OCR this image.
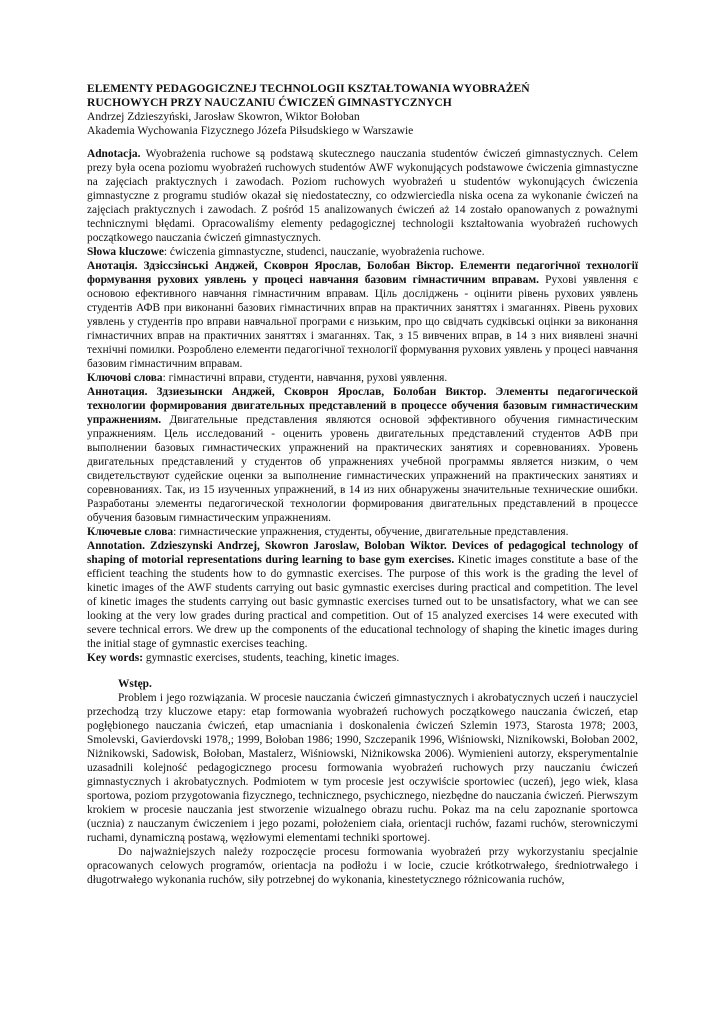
ELEMENTY PEDAGOGICZNEJ TECHNOLOGII KSZTAŁTOWANIA WYOBRAŻEŃ

RUCHOWYCH PRZY NAUCZANIU ĆWICZEŃ GIMNASTYCZNYCH

Andrzej Zdzieszyński, Jarosław Skowron, Wiktor Bołoban

Akademia Wychowania Fizycznego Józefa Piłsudskiego w Warszawie

Adnotacja. Wyobrażenia ruchowe są podstawą skutecznego nauczania studentów ćwiczeń gimnastycznych. Celem prezy była ocena poziomu wyobrażeń ruchowych studentów AWF wykonujących podstawowe ćwiczenia gimnastyczne na zajęciach praktycznych i zawodach. Poziom ruchowych wyobrażeń u studentów wykonujących ćwiczenia gimnastyczne z programu studiów okazał się niedostateczny, co odzwierciedla niska ocena za wykonanie ćwiczeń na zajęciach praktycznych i zawodach. Z pośród 15 analizowanych ćwiczeń aż 14 zostało opanowanych z poważnymi technicznymi błędami. Opracowaliśmy elementy pedagogicznej technologii kształtowania wyobrażeń ruchowych początkowego nauczania ćwiczeń gimnastycznych.

Słowa kluczowe: ćwiczenia gimnastyczne, studenci, nauczanie, wyobrażenia ruchowe.

Анотація. Здзіссзінські Анджей, Сковрон Ярослав, Болобан Віктор. Елементи педагогічної технології формування рухових уявлень у процесі навчання базовим гімнастичним вправам. Рухові уявлення є основою ефективного навчання гімнастичним вправам. Ціль досліджень - оцінити рівень рухових уявлень студентів АФВ при виконанні базових гімнастичних вправ на практичних заняттях і змаганнях. Рівень рухових уявлень у студентів про вправи навчальної програми є низьким, про що свідчать судківські оцінки за виконання гімнастичних вправ на практичних заняттях і змаганнях. Так, з 15 вивчених вправ, в 14 з них виявлені значні технічні помилки. Розроблено елементи педагогічної технології формування рухових уявлень у процесі навчання базовим гімнастичним вправам.

Ключові слова: гімнастичні вправи, студенти, навчання, рухові уявлення.

Аннотация. Здзиезынски Анджей, Сковрон Ярослав, Болобан Виктор. Элементы педагогической технологии формирования двигательных представлений в процессе обучения базовым гимнастическим упражнениям. Двигательные представления являются основой эффективного обучения гимнастическим упражнениям. Цель исследований - оценить уровень двигательных представлений студентов АФВ при выполнении базовых гимнастических упражнений на практических занятиях и соревнованиях. Уровень двигательных представлений у студентов об упражнениях учебной программы является низким, о чем свидетельствуют судейские оценки за выполнение гимнастических упражнений на практических занятиях и соревнованиях. Так, из 15 изученных упражнений, в 14 из них обнаружены значительные технические ошибки. Разработаны элементы педагогической технологии формирования двигательных представлений в процессе обучения базовым гимнастическим упражнениям.

Ключевые слова: гимнастические упражнения, студенты, обучение, двигательные представления.

Annotation. Zdzieszynski Andrzej, Skowron Jaroslaw, Boloban Wiktor. Devices of pedagogical technology of shaping of motorial representations during learning to base gym exercises. Kinetic images constitute a base of the efficient teaching the students how to do gymnastic exercises. The purpose of this work is the grading the level of kinetic images of the AWF students carrying out basic gymnastic exercises during practical and competition. The level of kinetic images the students carrying out basic gymnastic exercises turned out to be unsatisfactory, what we can see looking at the very low grades during practical and competition. Out of 15 analyzed exercises 14 were executed with severe technical errors. We drew up the components of the educational technology of shaping the kinetic images during the initial stage of gymnastic exercises teaching.

Key words: gymnastic exercises, students, teaching, kinetic images.

Wstęp.

Problem i jego rozwiązania. W procesie nauczania ćwiczeń gimnastycznych i akrobatycznych uczeń i nauczyciel przechodzą trzy kluczowe etapy: etap formowania wyobrażeń ruchowych początkowego nauczania ćwiczeń, etap pogłębionego nauczania ćwiczeń, etap umacniania i doskonalenia ćwiczeń Szlemin 1973, Starosta 1978; 2003, Smolevski, Gavierdovski 1978,; 1999, Bołoban 1986; 1990, Szczepanik 1996, Wiśniowski, Niznikowski, Bołoban 2002, Niżnikowski, Sadowisk, Bołoban, Mastalerz, Wiśniowski, Niżnikowska 2006). Wymienieni autorzy, eksperymentalnie uzasadnili kolejność pedagogicznego procesu formowania wyobrażeń ruchowych przy nauczaniu ćwiczeń gimnastycznych i akrobatycznych. Podmiotem w tym procesie jest oczywiście sportowiec (uczeń), jego wiek, klasa sportowa, poziom przygotowania fizycznego, technicznego, psychicznego, niezbędne do nauczania ćwiczeń. Pierwszym krokiem w procesie nauczania jest stworzenie wizualnego obrazu ruchu. Pokaz ma na celu zapoznanie sportowca (ucznia) z nauczanym ćwiczeniem i jego pozami, położeniem ciała, orientacji ruchów, fazami ruchów, sterowniczymi ruchami, dynamiczną postawą, węzłowymi elementami techniki sportowej.

Do najważniejszych należy rozpoczęcie procesu formowania wyobrażeń przy wykorzystaniu specjalnie opracowanych celowych programów, orientacja na podłożu i w locie, czucie krótkotrwałego, średniotrwałego i długotrwałego wykonania ruchów, siły potrzebnej do wykonania, kinestetycznego różnicowania ruchów,
